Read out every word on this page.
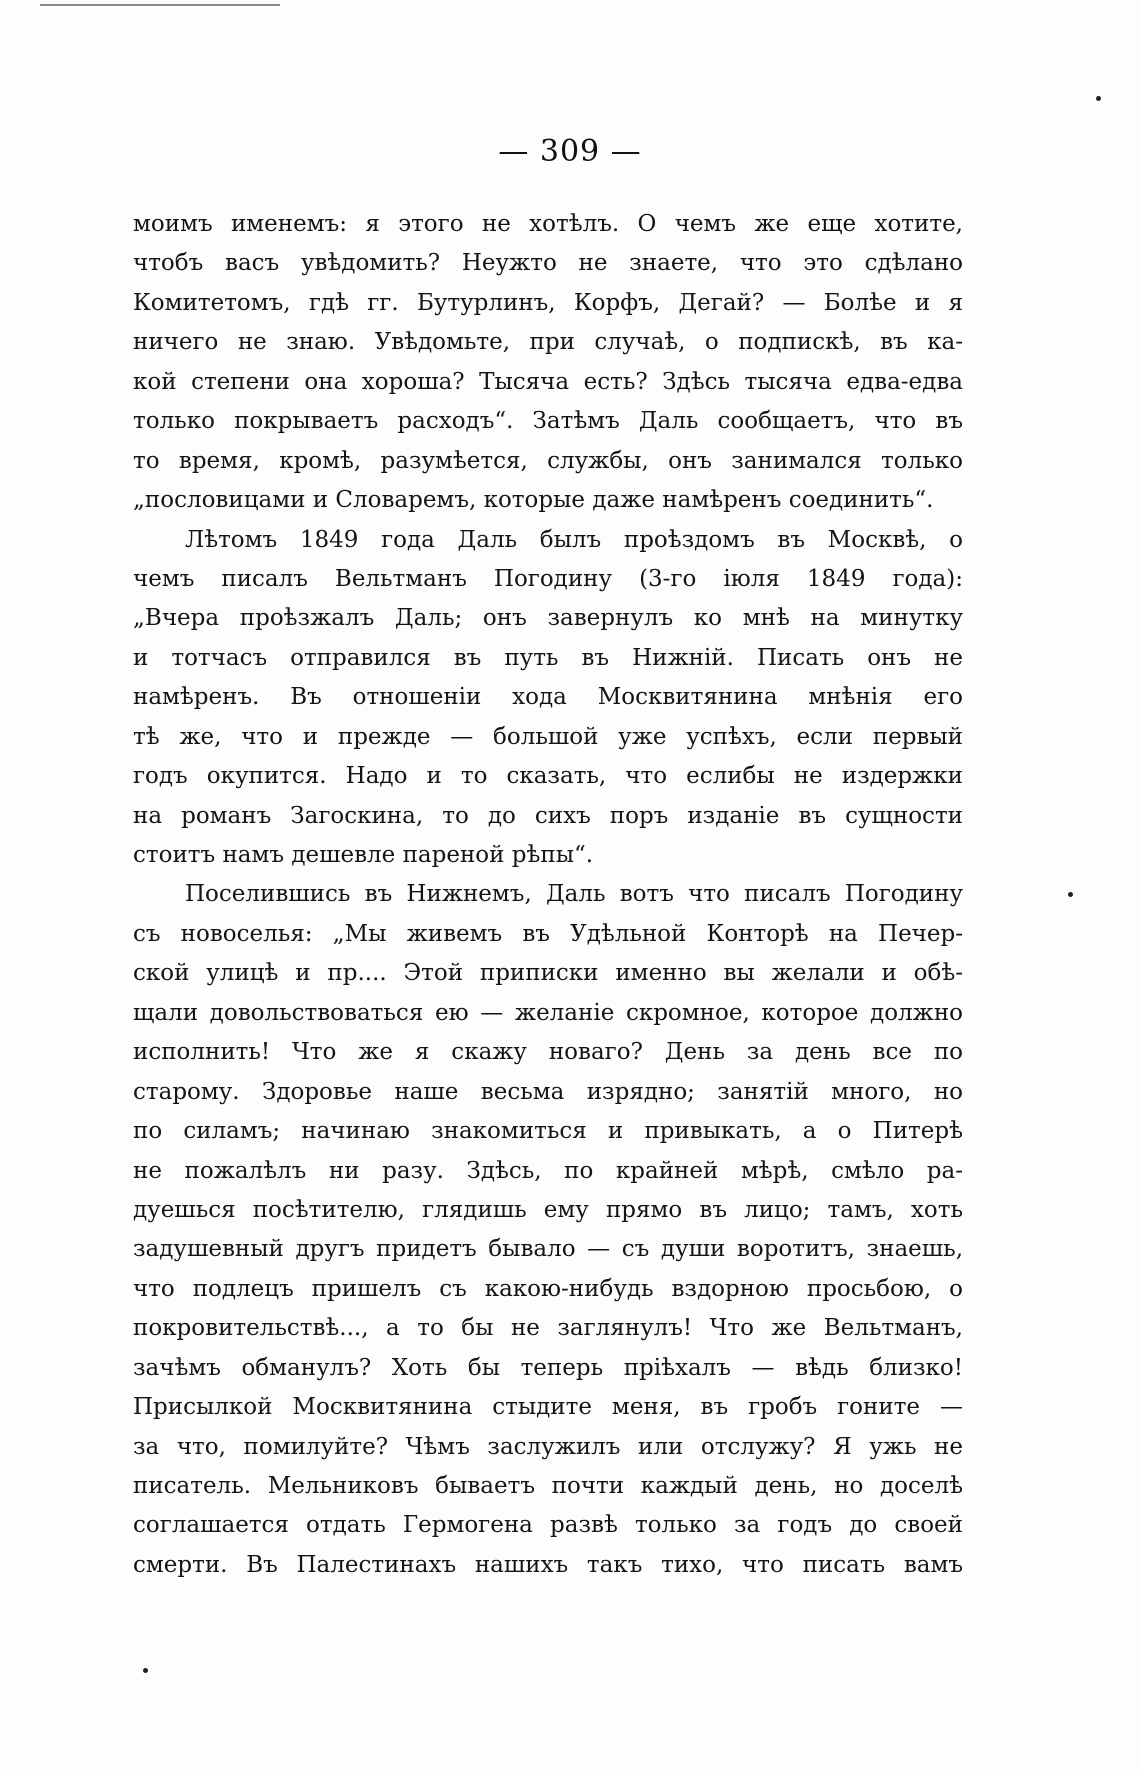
— 309 —
моимъ именемъ: я этого не хотѣлъ. О чемъ же еще хотите,
чтобъ васъ увѣдомить? Неужто не знаете, что это сдѣлано
Комитетомъ, гдѣ гг. Бутурлинъ, Корфъ, Дегай? — Болѣе и я
ничего не знаю. Увѣдомьте, при случаѣ, о подпискѣ, въ ка-
кой степени она хороша? Тысяча есть? Здѣсь тысяча едва-едва
только покрываетъ расходъ“. Затѣмъ Даль сообщаетъ, что въ
то время, кромѣ, разумѣется, службы, онъ занимался только
„пословицами и Словаремъ, которые даже намѣренъ соединить“.
Лѣтомъ 1849 года Даль былъ проѣздомъ въ Москвѣ, о
чемъ писалъ Вельтманъ Погодину (3-го іюля 1849 года):
„Вчера проѣзжалъ Даль; онъ завернулъ ко мнѣ на минутку
и тотчасъ отправился въ путь въ Нижній. Писать онъ не
намѣренъ. Въ отношеніи хода Москвитянина мнѣнія его
тѣ же, что и прежде — большой уже успѣхъ, если первый
годъ окупится. Надо и то сказать, что еслибы не издержки
на романъ Загоскина, то до сихъ поръ изданіе въ сущности
стоитъ намъ дешевле пареной рѣпы“.
Поселившись въ Нижнемъ, Даль вотъ что писалъ Погодину
съ новоселья: „Мы живемъ въ Удѣльной Конторѣ на Печер-
ской улицѣ и пр.... Этой приписки именно вы желали и обѣ-
щали довольствоваться ею — желаніе скромное, которое должно
исполнить! Что же я скажу новаго? День за день все по
старому. Здоровье наше весьма изрядно; занятій много, но
по силамъ; начинаю знакомиться и привыкать, а о Питерѣ
не пожалѣлъ ни разу. Здѣсь, по крайней мѣрѣ, смѣло ра-
дуешься посѣтителю, глядишь ему прямо въ лицо; тамъ, хоть
задушевный другъ придетъ бывало — съ души воротитъ, знаешь,
что подлецъ пришелъ съ какою-нибудь вздорною просьбою, о
покровительствѣ..., а то бы не заглянулъ! Что же Вельтманъ,
зачѣмъ обманулъ? Хоть бы теперь пріѣхалъ — вѣдь близко!
Присылкой Москвитянина стыдите меня, въ гробъ гоните —
за что, помилуйте? Чѣмъ заслужилъ или отслужу? Я ужь не
писатель. Мельниковъ бываетъ почти каждый день, но доселѣ
соглашается отдать Гермогена развѣ только за годъ до своей
смерти. Въ Палестинахъ нашихъ такъ тихо, что писать вамъ
